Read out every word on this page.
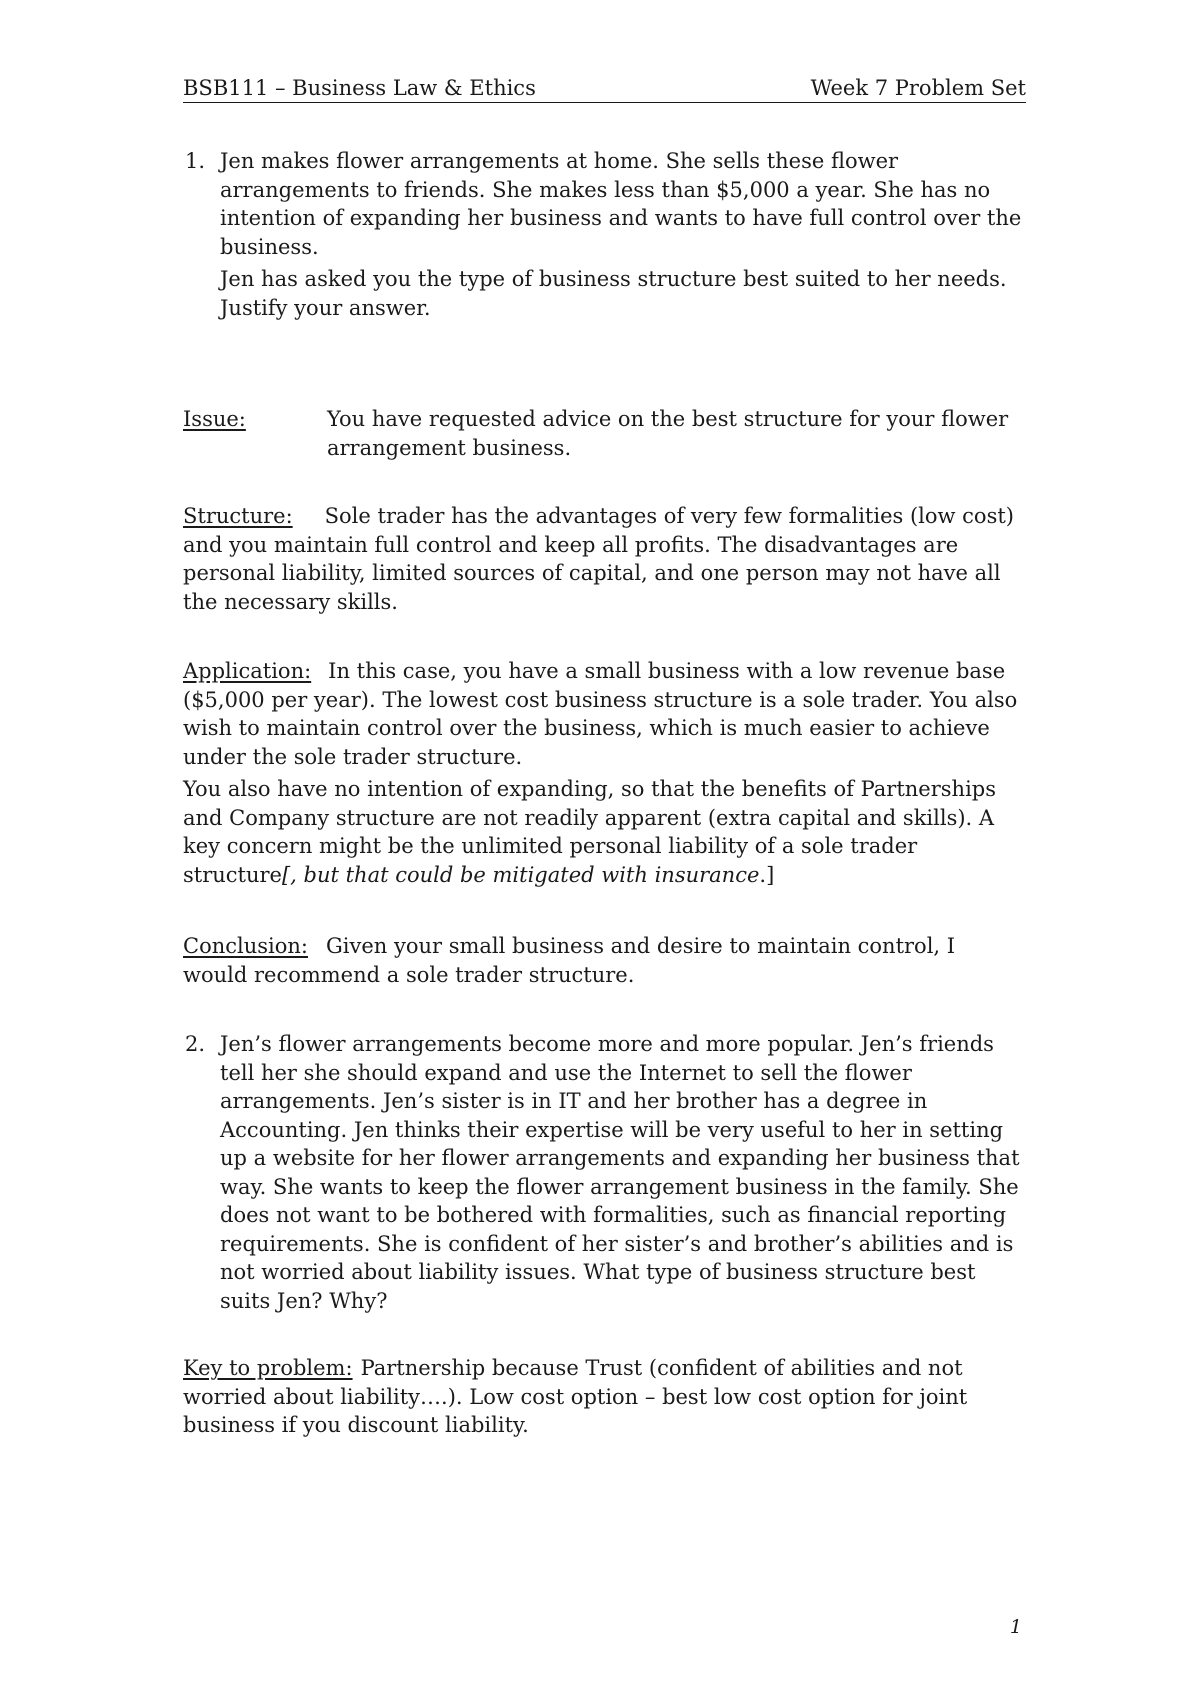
BSB111 – Business Law & Ethics	Week 7 Problem Set
1. Jen makes flower arrangements at home. She sells these flower arrangements to friends. She makes less than $5,000 a year. She has no intention of expanding her business and wants to have full control over the business.

Jen has asked you the type of business structure best suited to her needs. Justify your answer.

Issue:	You have requested advice on the best structure for your flower arrangement business.

Structure: Sole trader has the advantages of very few formalities (low cost) and you maintain full control and keep all profits. The disadvantages are personal liability, limited sources of capital, and one person may not have all the necessary skills.

Application: In this case, you have a small business with a low revenue base ($5,000 per year). The lowest cost business structure is a sole trader. You also wish to maintain control over the business, which is much easier to achieve under the sole trader structure.

You also have no intention of expanding, so that the benefits of Partnerships and Company structure are not readily apparent (extra capital and skills). A key concern might be the unlimited personal liability of a sole trader structure[, but that could be mitigated with insurance.]

Conclusion: Given your small business and desire to maintain control, I would recommend a sole trader structure.

2. Jen’s flower arrangements become more and more popular. Jen’s friends tell her she should expand and use the Internet to sell the flower arrangements. Jen’s sister is in IT and her brother has a degree in Accounting. Jen thinks their expertise will be very useful to her in setting up a website for her flower arrangements and expanding her business that way. She wants to keep the flower arrangement business in the family. She does not want to be bothered with formalities, such as financial reporting requirements. She is confident of her sister’s and brother’s abilities and is not worried about liability issues. What type of business structure best suits Jen? Why?

Key to problem: Partnership because Trust (confident of abilities and not worried about liability….). Low cost option – best low cost option for joint business if you discount liability.

1
